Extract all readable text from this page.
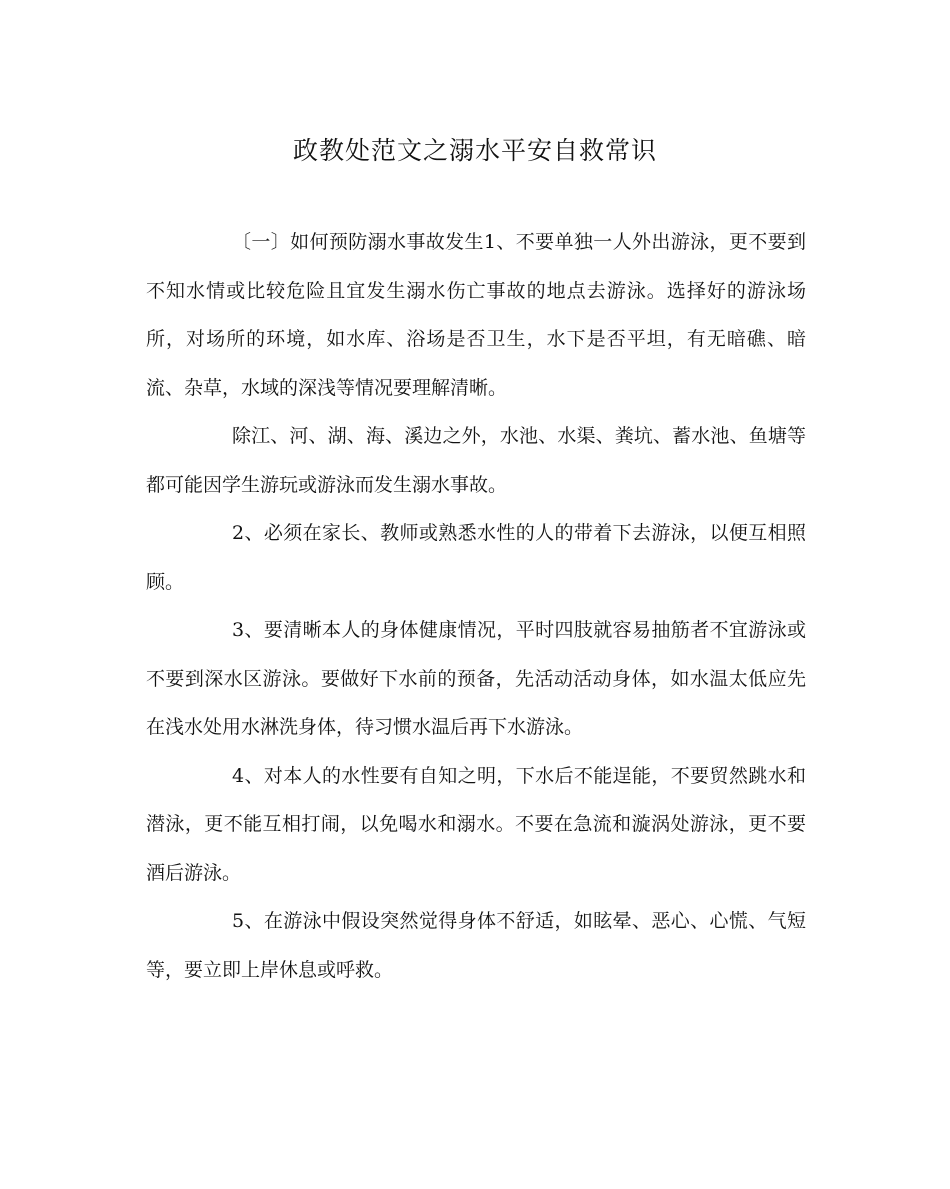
政教处范文之溺水平安自救常识

〔一〕如何预防溺水事故发生1、不要单独一人外出游泳，更不要到不知水情或比较危险且宜发生溺水伤亡事故的地点去游泳。选择好的游泳场所，对场所的环境，如水库、浴场是否卫生，水下是否平坦，有无暗礁、暗流、杂草，水域的深浅等情况要理解清晰。

除江、河、湖、海、溪边之外，水池、水渠、粪坑、蓄水池、鱼塘等都可能因学生游玩或游泳而发生溺水事故。

2、必须在家长、教师或熟悉水性的人的带着下去游泳，以便互相照顾。

3、要清晰本人的身体健康情况，平时四肢就容易抽筋者不宜游泳或不要到深水区游泳。要做好下水前的预备，先活动活动身体，如水温太低应先在浅水处用水淋洗身体，待习惯水温后再下水游泳。

4、对本人的水性要有自知之明，下水后不能逞能，不要贸然跳水和潜泳，更不能互相打闹，以免喝水和溺水。不要在急流和漩涡处游泳，更不要酒后游泳。

5、在游泳中假设突然觉得身体不舒适，如眩晕、恶心、心慌、气短等，要立即上岸休息或呼救。
